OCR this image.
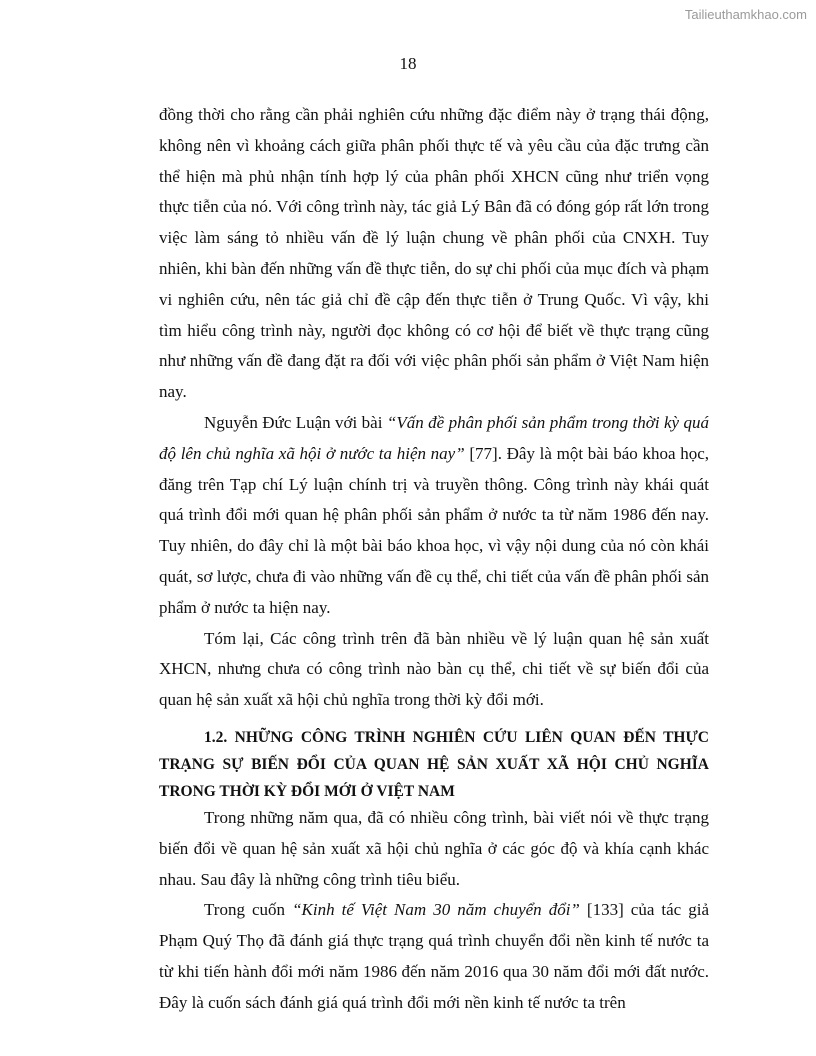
Tailieuthamkhao.com
18

đồng thời cho rằng cần phải nghiên cứu những đặc điểm này ở trạng thái động, không nên vì khoảng cách giữa phân phối thực tế và yêu cầu của đặc trưng cần thể hiện mà phủ nhận tính hợp lý của phân phối XHCN cũng như triển vọng thực tiễn của nó. Với công trình này, tác giả Lý Bân đã có đóng góp rất lớn trong việc làm sáng tỏ nhiều vấn đề lý luận chung về phân phối của CNXH. Tuy nhiên, khi bàn đến những vấn đề thực tiễn, do sự chi phối của mục đích và phạm vi nghiên cứu, nên tác giả chỉ đề cập đến thực tiễn ở Trung Quốc. Vì vậy, khi tìm hiểu công trình này, người đọc không có cơ hội để biết về thực trạng cũng như những vấn đề đang đặt ra đối với việc phân phối sản phẩm ở Việt Nam hiện nay.

Nguyễn Đức Luận với bài “Vấn đề phân phối sản phẩm trong thời kỳ quá độ lên chủ nghĩa xã hội ở nước ta hiện nay” [77]. Đây là một bài báo khoa học, đăng trên Tạp chí Lý luận chính trị và truyền thông. Công trình này khái quát quá trình đổi mới quan hệ phân phối sản phẩm ở nước ta từ năm 1986 đến nay. Tuy nhiên, do đây chỉ là một bài báo khoa học, vì vậy nội dung của nó còn khái quát, sơ lược, chưa đi vào những vấn đề cụ thể, chi tiết của vấn đề phân phối sản phẩm ở nước ta hiện nay.

Tóm lại, Các công trình trên đã bàn nhiều về lý luận quan hệ sản xuất XHCN, nhưng chưa có công trình nào bàn cụ thể, chi tiết về sự biến đổi của quan hệ sản xuất xã hội chủ nghĩa trong thời kỳ đổi mới.

1.2. NHỮNG CÔNG TRÌNH NGHIÊN CỨU LIÊN QUAN ĐẾN THỰC TRẠNG SỰ BIẾN ĐỔI CỦA QUAN HỆ SẢN XUẤT XÃ HỘI CHỦ NGHĨA TRONG THỜI KỲ ĐỔI MỚI Ở VIỆT NAM

Trong những năm qua, đã có nhiều công trình, bài viết nói về thực trạng biến đổi về quan hệ sản xuất xã hội chủ nghĩa ở các góc độ và khía cạnh khác nhau. Sau đây là những công trình tiêu biểu.

Trong cuốn “Kinh tế Việt Nam 30 năm chuyển đổi” [133] của tác giả Phạm Quý Thọ đã đánh giá thực trạng quá trình chuyển đổi nền kinh tế nước ta từ khi tiến hành đổi mới năm 1986 đến năm 2016 qua 30 năm đổi mới đất nước. Đây là cuốn sách đánh giá quá trình đổi mới nền kinh tế nước ta trên
